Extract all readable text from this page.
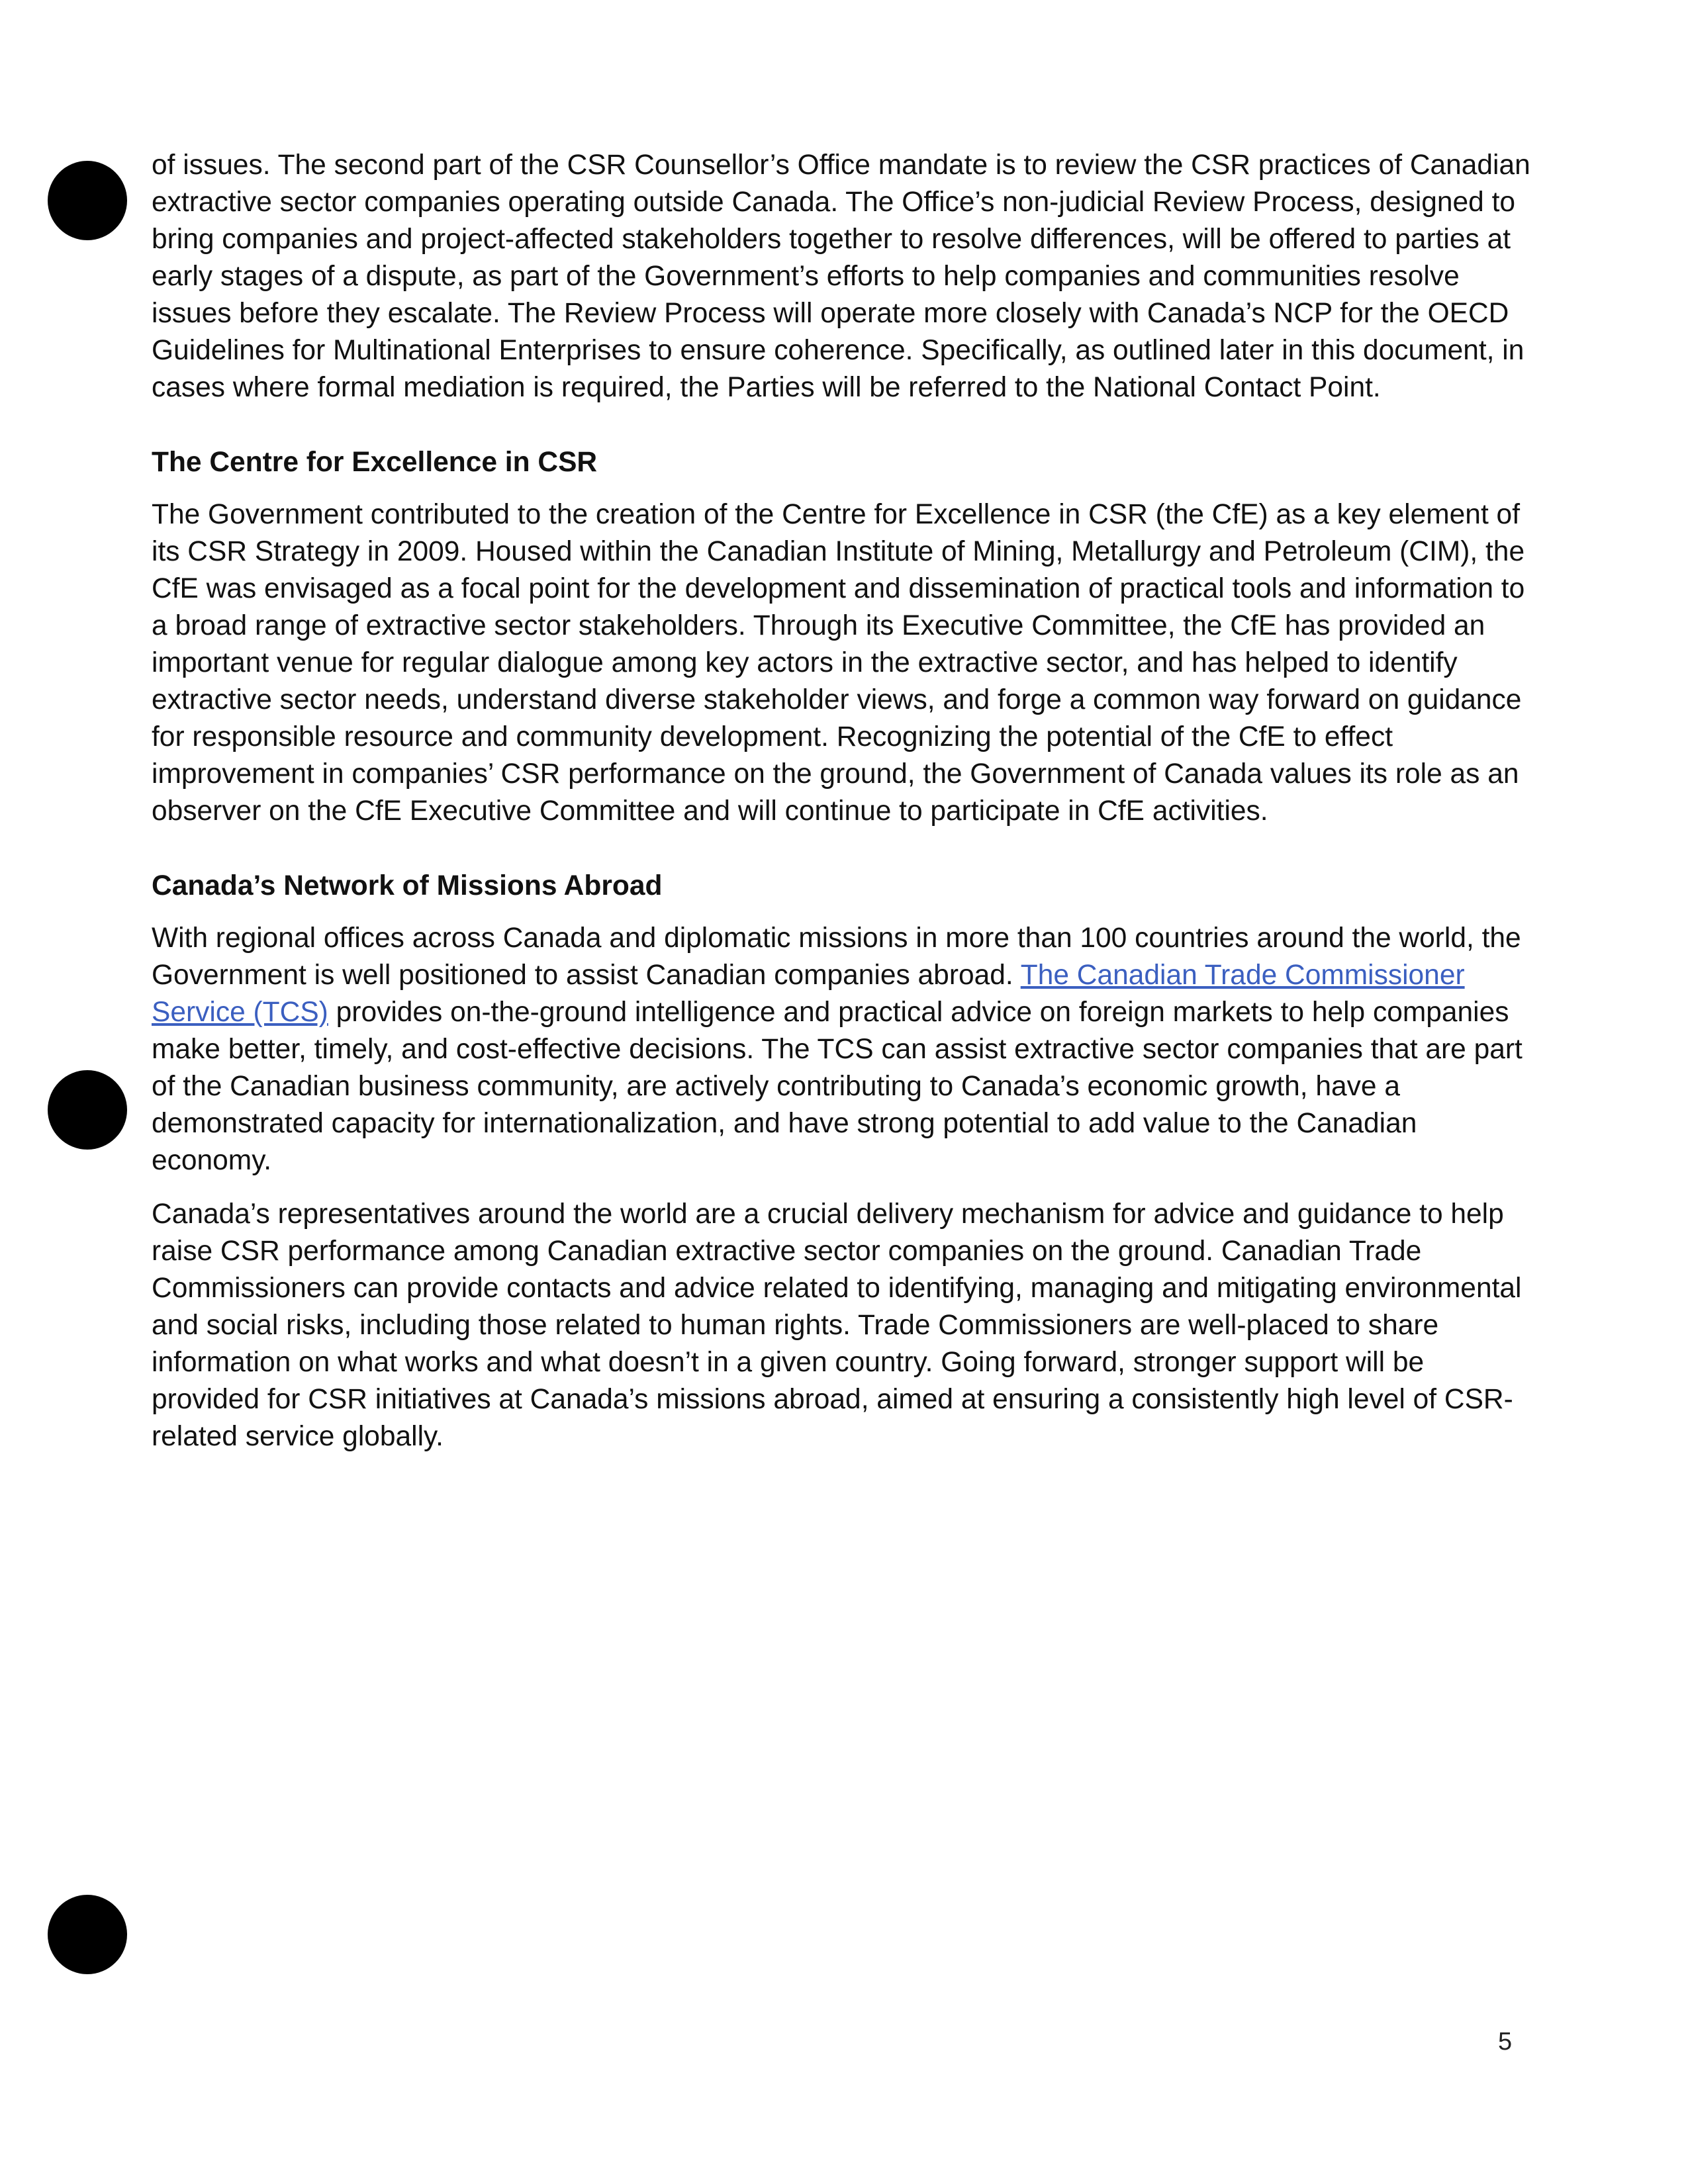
of issues. The second part of the CSR Counsellor’s Office mandate is to review the CSR practices of Canadian extractive sector companies operating outside Canada. The Office’s non-judicial Review Process, designed to bring companies and project-affected stakeholders together to resolve differences, will be offered to parties at early stages of a dispute, as part of the Government’s efforts to help companies and communities resolve issues before they escalate. The Review Process will operate more closely with Canada’s NCP for the OECD Guidelines for Multinational Enterprises to ensure coherence. Specifically, as outlined later in this document, in cases where formal mediation is required, the Parties will be referred to the National Contact Point.

The Centre for Excellence in CSR

The Government contributed to the creation of the Centre for Excellence in CSR (the CfE) as a key element of its CSR Strategy in 2009. Housed within the Canadian Institute of Mining, Metallurgy and Petroleum (CIM), the CfE was envisaged as a focal point for the development and dissemination of practical tools and information to a broad range of extractive sector stakeholders. Through its Executive Committee, the CfE has provided an important venue for regular dialogue among key actors in the extractive sector, and has helped to identify extractive sector needs, understand diverse stakeholder views, and forge a common way forward on guidance for responsible resource and community development. Recognizing the potential of the CfE to effect improvement in companies’ CSR performance on the ground, the Government of Canada values its role as an observer on the CfE Executive Committee and will continue to participate in CfE activities.

Canada’s Network of Missions Abroad

With regional offices across Canada and diplomatic missions in more than 100 countries around the world, the Government is well positioned to assist Canadian companies abroad. The Canadian Trade Commissioner Service (TCS) provides on-the-ground intelligence and practical advice on foreign markets to help companies make better, timely, and cost-effective decisions. The TCS can assist extractive sector companies that are part of the Canadian business community, are actively contributing to Canada’s economic growth, have a demonstrated capacity for internationalization, and have strong potential to add value to the Canadian economy.

Canada’s representatives around the world are a crucial delivery mechanism for advice and guidance to help raise CSR performance among Canadian extractive sector companies on the ground. Canadian Trade Commissioners can provide contacts and advice related to identifying, managing and mitigating environmental and social risks, including those related to human rights. Trade Commissioners are well-placed to share information on what works and what doesn’t in a given country. Going forward, stronger support will be provided for CSR initiatives at Canada’s missions abroad, aimed at ensuring a consistently high level of CSR-related service globally.

5
